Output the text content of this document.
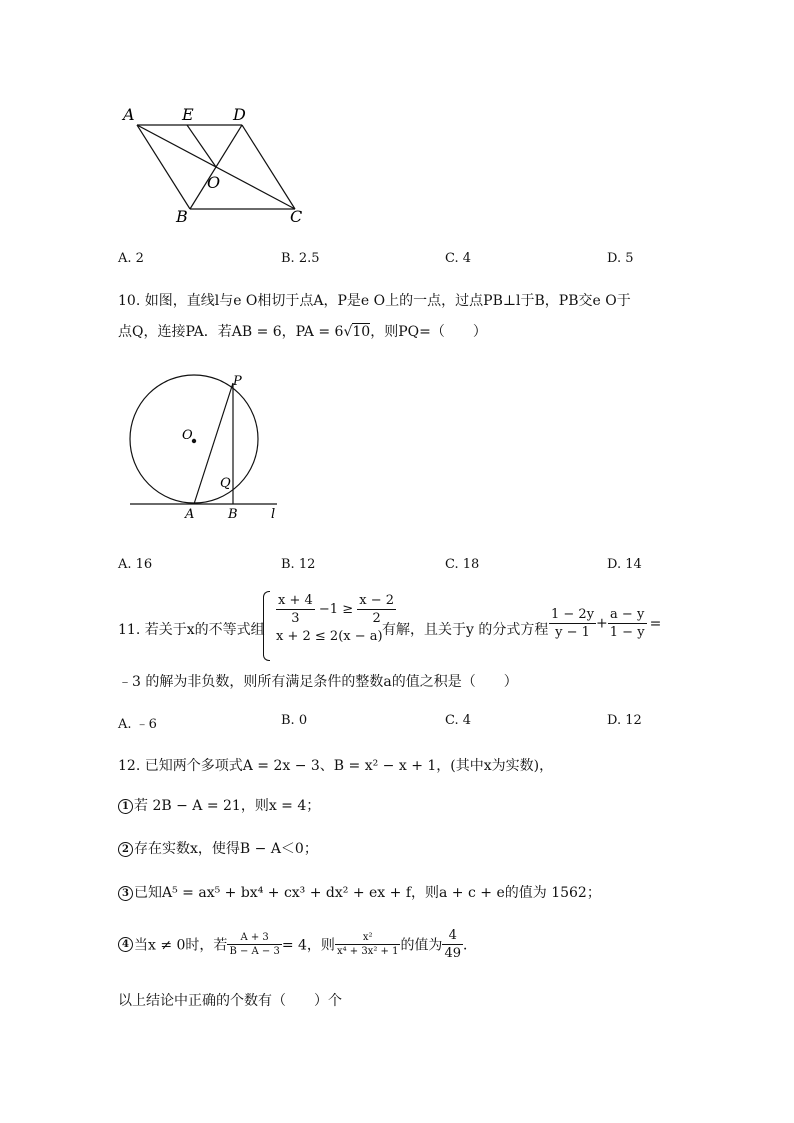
A	E D
O
B	C
A. 2	B. 2.5	C. 4	D. 5
10. 如图，直线l与e O相切于点A，P是e O上的一点，过点PB⊥l于B，PB交e O于
点Q，连接PA．若AB = 6，PA = 6√10，则PQ=（　　）
P
O
Q
A	B	l
A. 16	B. 12	C. 18	D. 14
11. 若关于x的不等式组
$\frac{x + 4}{3} -1 \ge \frac{x - 2}{2}$
x + 2 ≤ 2(x − a) 有解，且关于y 的分式方程 $\frac{1 - 2y}{y - 1} + \frac{a - y}{1 - y}$ =
﹣3 的解为非负数，则所有满足条件的整数a的值之积是（　　）
A. ﹣6	B. 0	C. 4	D. 12
12. 已知两个多项式A = 2x − 3、B = x² − x + 1，(其中x为实数)，
1 若 2B − A = 21，则x = 4；
2 存在实数x，使得B − A＜0；
3 已知A⁵ = ax⁵ + bx⁴ + cx³ + dx² + ex + f，则a + c + e的值为 1562；
4 当x ≠ 0时，若 $\frac{A + 3}{B - A - 3} = 4$，则 $\frac{\text{x²}}{\text{x⁴ + 3x² + 1}}$ 的值为 $\frac{4}{49}$ ．
以上结论中正确的个数有（　　）个
